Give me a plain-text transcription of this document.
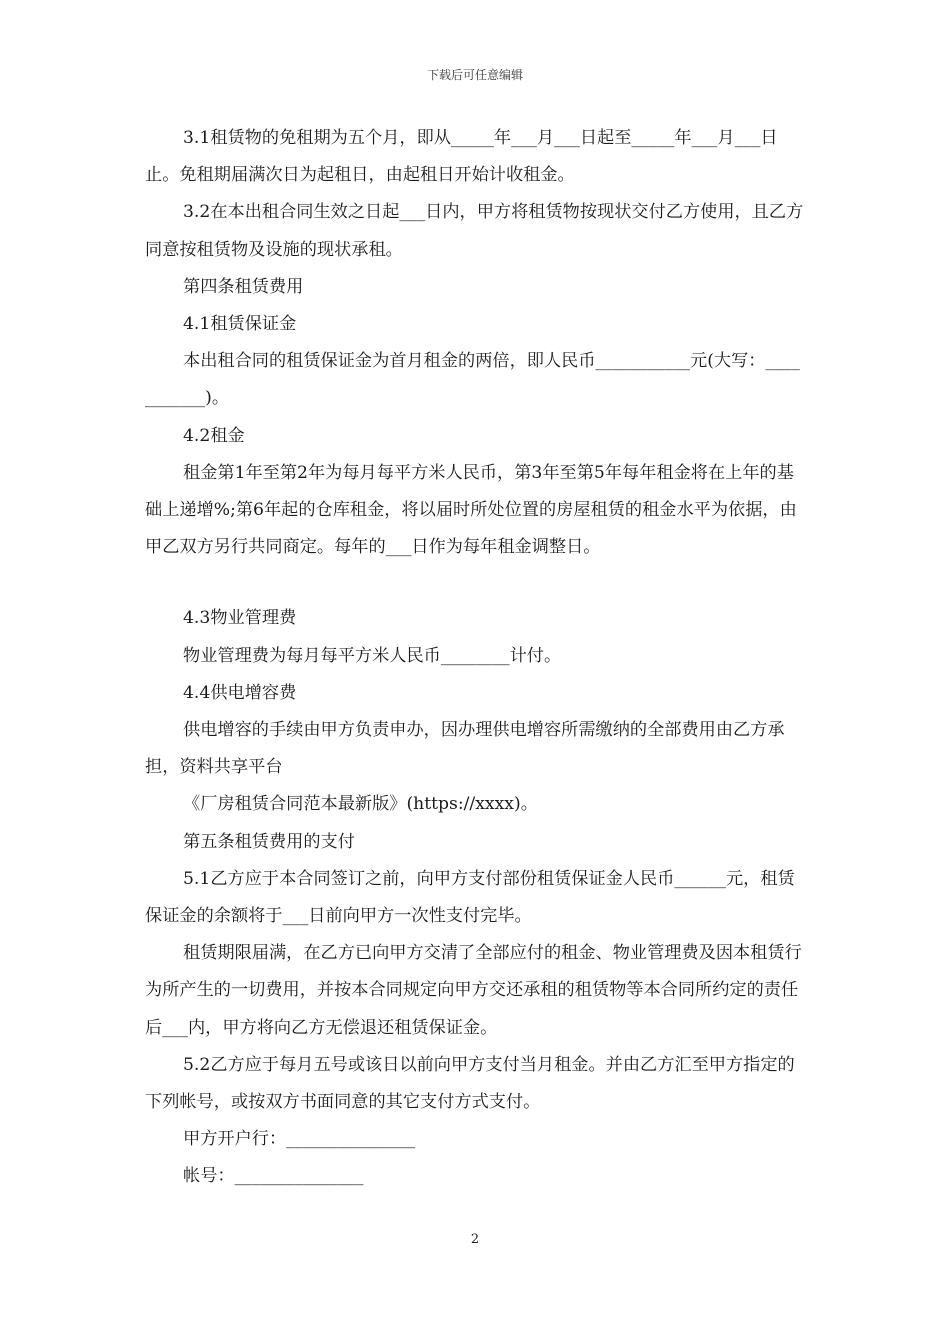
下载后可任意编辑

3.1租赁物的免租期为五个月，即从_____年___月___日起至_____年___月___日止。免租期届满次日为起租日，由起租日开始计收租金。

3.2在本出租合同生效之日起___日内，甲方将租赁物按现状交付乙方使用，且乙方同意按租赁物及设施的现状承租。

第四条租赁费用

4.1租赁保证金

本出租合同的租赁保证金为首月租金的两倍，即人民币___________元(大写：___________)。

4.2租金

租金第1年至第2年为每月每平方米人民币，第3年至第5年每年租金将在上年的基础上递增%;第6年起的仓库租金，将以届时所处位置的房屋租赁的租金水平为依据，由甲乙双方另行共同商定。每年的___日作为每年租金调整日。

4.3物业管理费

物业管理费为每月每平方米人民币________计付。

4.4供电增容费

供电增容的手续由甲方负责申办，因办理供电增容所需缴纳的全部费用由乙方承担，资料共享平台

《厂房租赁合同范本最新版》(https://xxxx)。

第五条租赁费用的支付

5.1乙方应于本合同签订之前，向甲方支付部份租赁保证金人民币______元，租赁保证金的余额将于___日前向甲方一次性支付完毕。

租赁期限届满，在乙方已向甲方交清了全部应付的租金、物业管理费及因本租赁行为所产生的一切费用，并按本合同规定向甲方交还承租的租赁物等本合同所约定的责任后___内，甲方将向乙方无偿退还租赁保证金。

5.2乙方应于每月五号或该日以前向甲方支付当月租金。并由乙方汇至甲方指定的下列帐号，或按双方书面同意的其它支付方式支付。

甲方开户行：_______________

帐号：_______________

2
